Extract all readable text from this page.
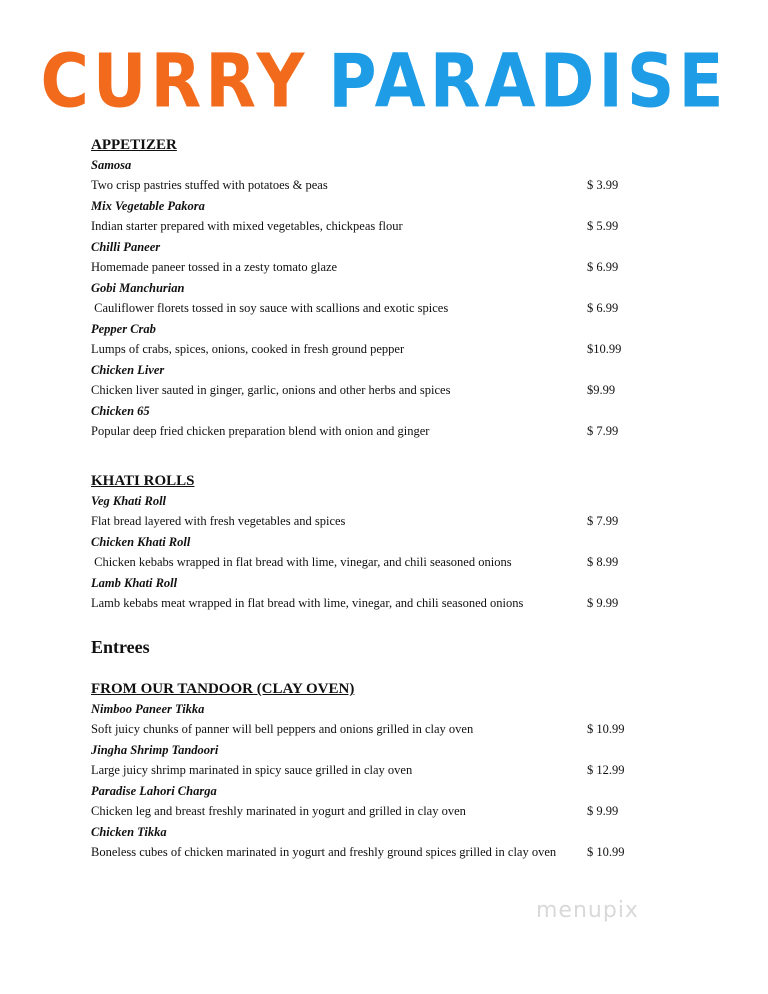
CURRY PARADISE
APPETIZER
Samosa
Two crisp pastries stuffed with potatoes & peas	$ 3.99
Mix Vegetable Pakora
Indian starter prepared with mixed vegetables, chickpeas flour	$ 5.99
Chilli Paneer
Homemade paneer tossed in a zesty tomato glaze	$ 6.99
Gobi Manchurian
Cauliflower florets tossed in soy sauce with scallions and exotic spices	$ 6.99
Pepper Crab
Lumps of crabs, spices, onions, cooked in fresh ground pepper	$10.99
Chicken Liver
Chicken liver sauted in ginger, garlic, onions and other herbs and spices	$9.99
Chicken 65
Popular deep fried chicken preparation blend with onion and ginger	$ 7.99
KHATI ROLLS
Veg Khati Roll
Flat bread layered with fresh vegetables and spices	$ 7.99
Chicken Khati Roll
Chicken kebabs wrapped in flat bread with lime, vinegar, and chili seasoned onions	$ 8.99
Lamb Khati Roll
Lamb kebabs meat wrapped in flat bread with lime, vinegar, and chili seasoned onions	$ 9.99
Entrees
FROM OUR TANDOOR (CLAY OVEN)
Nimboo Paneer Tikka
Soft juicy chunks of panner will bell peppers and onions grilled in clay oven	$ 10.99
Jingha Shrimp Tandoori
Large juicy shrimp marinated in spicy sauce grilled in clay oven	$ 12.99
Paradise Lahori Charga
Chicken leg and breast freshly marinated in yogurt and grilled in clay oven	$ 9.99
Chicken Tikka
Boneless cubes of chicken marinated in yogurt and freshly ground spices grilled in clay oven $ 10.99
menupix
